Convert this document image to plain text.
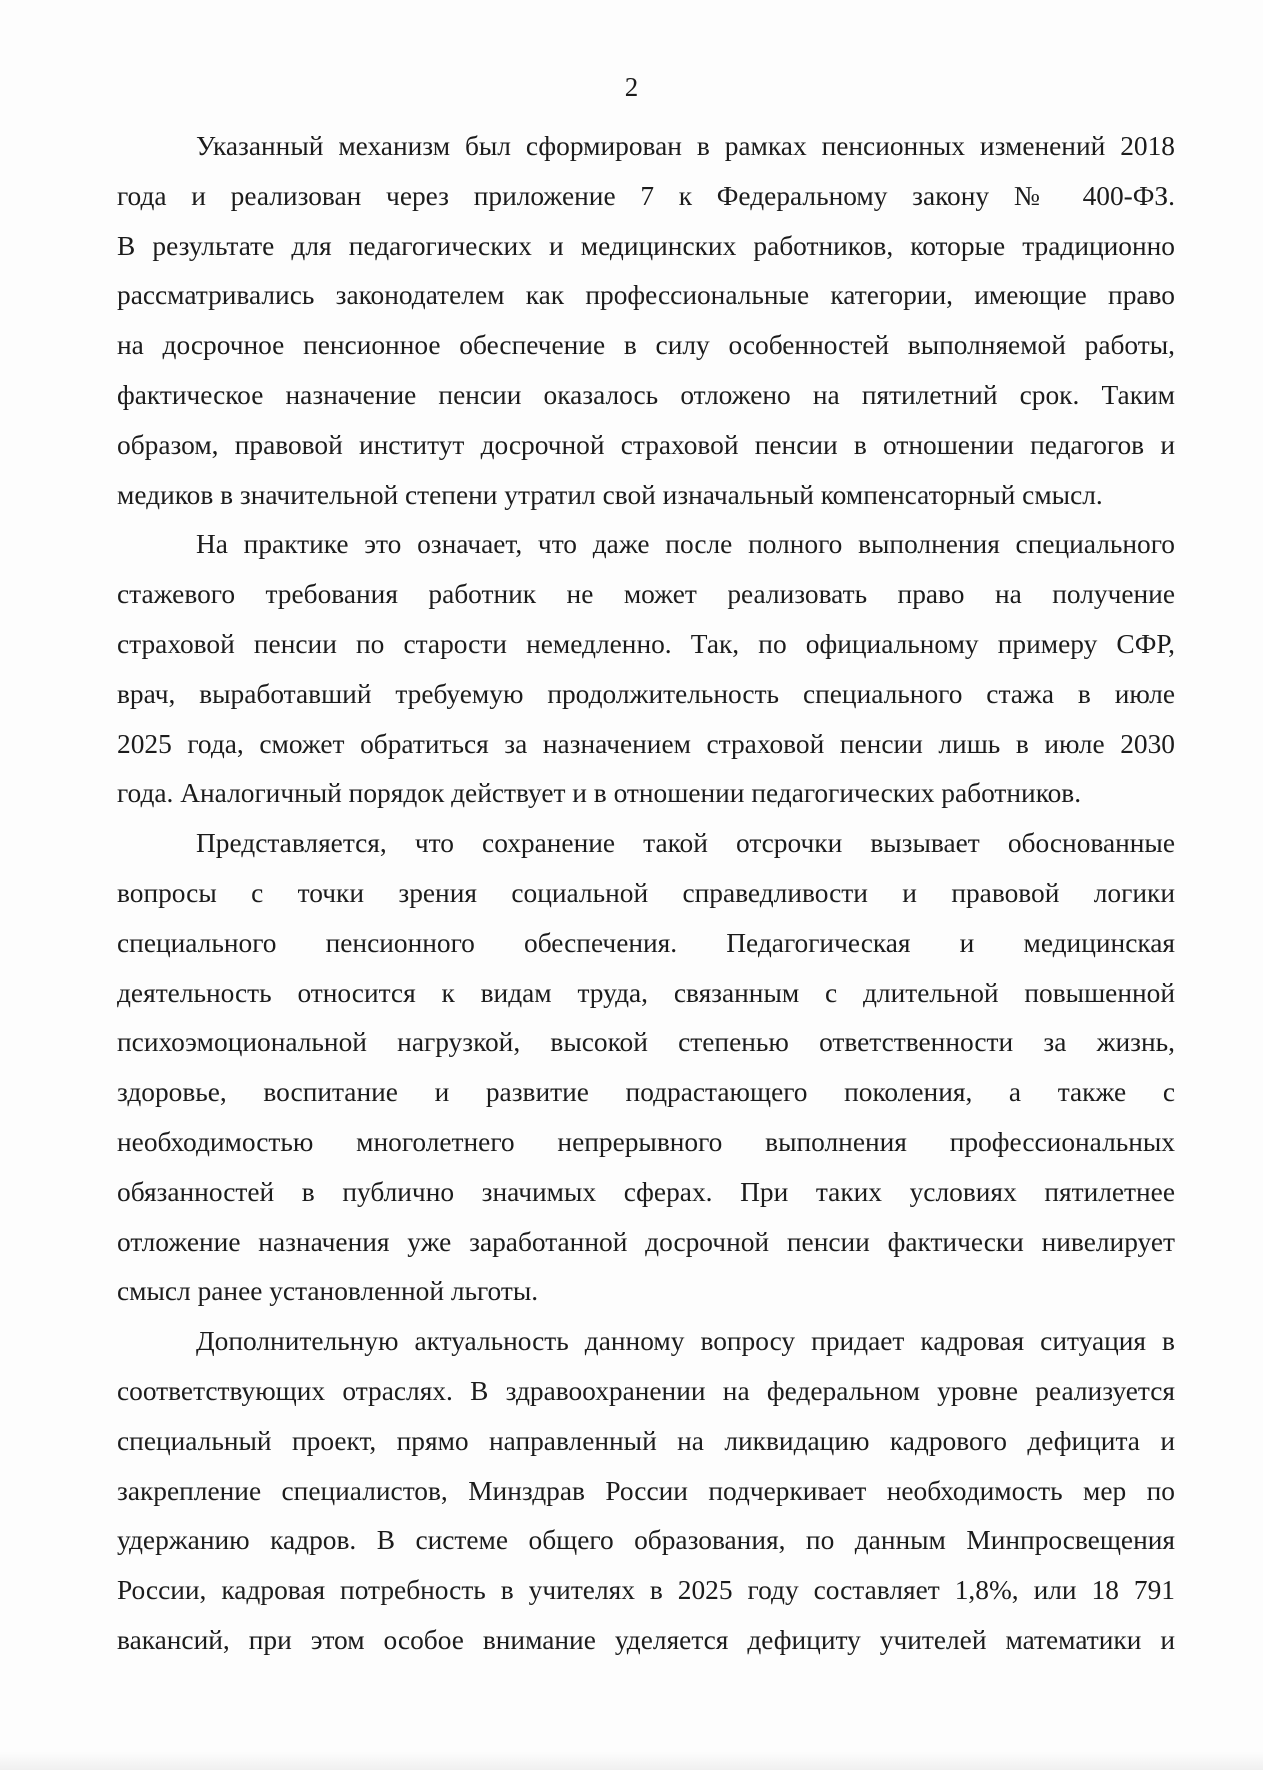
2

Указанный механизм был сформирован в рамках пенсионных изменений 2018
года и реализован через приложение 7 к Федеральному закону № 400-ФЗ.
В результате для педагогических и медицинских работников, которые традиционно
рассматривались законодателем как профессиональные категории, имеющие право
на досрочное пенсионное обеспечение в силу особенностей выполняемой работы,
фактическое назначение пенсии оказалось отложено на пятилетний срок. Таким
образом, правовой институт досрочной страховой пенсии в отношении педагогов и
медиков в значительной степени утратил свой изначальный компенсаторный смысл.

На практике это означает, что даже после полного выполнения специального
стажевого требования работник не может реализовать право на получение
страховой пенсии по старости немедленно. Так, по официальному примеру СФР,
врач, выработавший требуемую продолжительность специального стажа в июле
2025 года, сможет обратиться за назначением страховой пенсии лишь в июле 2030
года. Аналогичный порядок действует и в отношении педагогических работников.

Представляется, что сохранение такой отсрочки вызывает обоснованные
вопросы с точки зрения социальной справедливости и правовой логики
специального пенсионного обеспечения. Педагогическая и медицинская
деятельность относится к видам труда, связанным с длительной повышенной
психоэмоциональной нагрузкой, высокой степенью ответственности за жизнь,
здоровье, воспитание и развитие подрастающего поколения, а также с
необходимостью многолетнего непрерывного выполнения профессиональных
обязанностей в публично значимых сферах. При таких условиях пятилетнее
отложение назначения уже заработанной досрочной пенсии фактически нивелирует
смысл ранее установленной льготы.

Дополнительную актуальность данному вопросу придает кадровая ситуация в
соответствующих отраслях. В здравоохранении на федеральном уровне реализуется
специальный проект, прямо направленный на ликвидацию кадрового дефицита и
закрепление специалистов, Минздрав России подчеркивает необходимость мер по
удержанию кадров. В системе общего образования, по данным Минпросвещения
России, кадровая потребность в учителях в 2025 году составляет 1,8%, или 18 791
вакансий, при этом особое внимание уделяется дефициту учителей математики и
